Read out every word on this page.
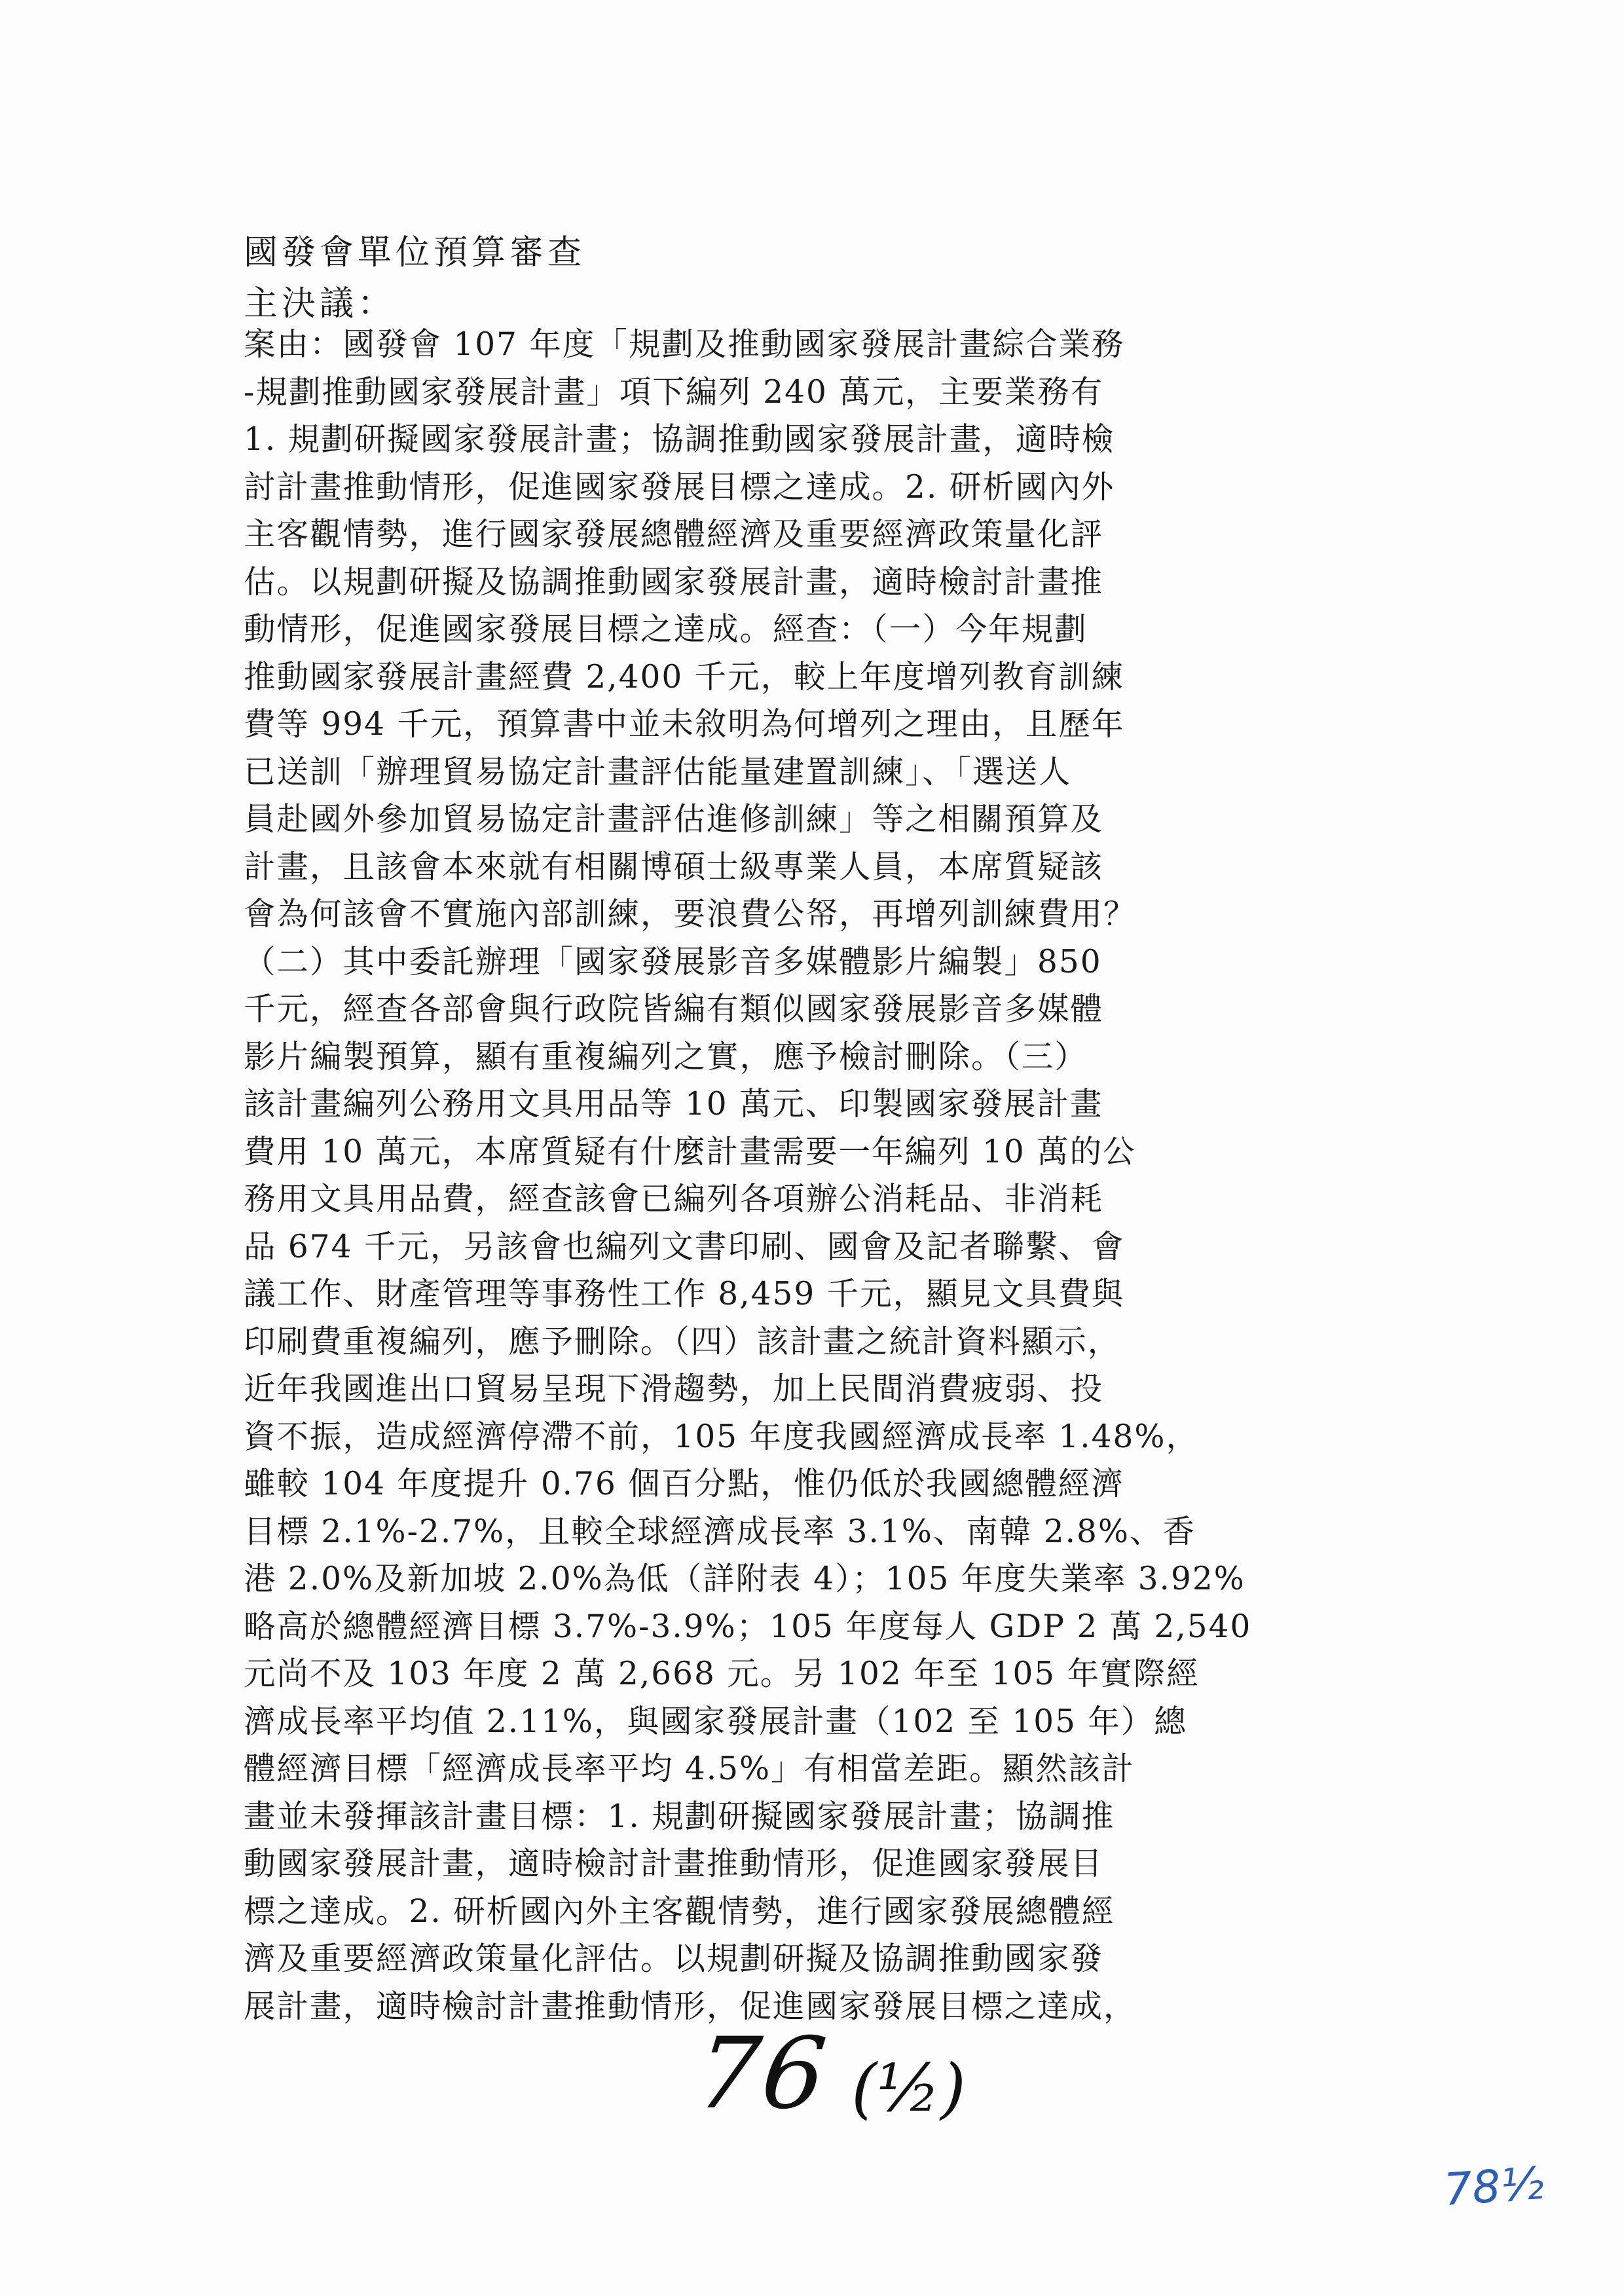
國發會單位預算審查
主決議：
案由：國發會 107 年度「規劃及推動國家發展計畫綜合業務
-規劃推動國家發展計畫」項下編列 240 萬元，主要業務有
1. 規劃研擬國家發展計畫；協調推動國家發展計畫，適時檢
討計畫推動情形，促進國家發展目標之達成。2. 研析國內外
主客觀情勢，進行國家發展總體經濟及重要經濟政策量化評
估。以規劃研擬及協調推動國家發展計畫，適時檢討計畫推
動情形，促進國家發展目標之達成。經查：（一）今年規劃
推動國家發展計畫經費 2,400 千元，較上年度增列教育訓練
費等 994 千元，預算書中並未敘明為何增列之理由，且歷年
已送訓「辦理貿易協定計畫評估能量建置訓練」、「選送人
員赴國外參加貿易協定計畫評估進修訓練」等之相關預算及
計畫，且該會本來就有相關博碩士級專業人員，本席質疑該
會為何該會不實施內部訓練，要浪費公帑，再增列訓練費用？
（二）其中委託辦理「國家發展影音多媒體影片編製」850
千元，經查各部會與行政院皆編有類似國家發展影音多媒體
影片編製預算，顯有重複編列之實，應予檢討刪除。（三）
該計畫編列公務用文具用品等 10 萬元、印製國家發展計畫
費用 10 萬元，本席質疑有什麼計畫需要一年編列 10 萬的公
務用文具用品費，經查該會已編列各項辦公消耗品、非消耗
品 674 千元，另該會也編列文書印刷、國會及記者聯繫、會
議工作、財產管理等事務性工作 8,459 千元，顯見文具費與
印刷費重複編列，應予刪除。（四）該計畫之統計資料顯示，
近年我國進出口貿易呈現下滑趨勢，加上民間消費疲弱、投
資不振，造成經濟停滯不前，105 年度我國經濟成長率 1.48%，
雖較 104 年度提升 0.76 個百分點，惟仍低於我國總體經濟
目標 2.1%-2.7%，且較全球經濟成長率 3.1%、南韓 2.8%、香
港 2.0%及新加坡 2.0%為低（詳附表 4）；105 年度失業率 3.92%
略高於總體經濟目標 3.7%-3.9%；105 年度每人 GDP 2 萬 2,540
元尚不及 103 年度 2 萬 2,668 元。另 102 年至 105 年實際經
濟成長率平均值 2.11%，與國家發展計畫（102 至 105 年）總
體經濟目標「經濟成長率平均 4.5%」有相當差距。顯然該計
畫並未發揮該計畫目標：1. 規劃研擬國家發展計畫；協調推
動國家發展計畫，適時檢討計畫推動情形，促進國家發展目
標之達成。2. 研析國內外主客觀情勢，進行國家發展總體經
濟及重要經濟政策量化評估。以規劃研擬及協調推動國家發
展計畫，適時檢討計畫推動情形，促進國家發展目標之達成，
76 (½)
78½
